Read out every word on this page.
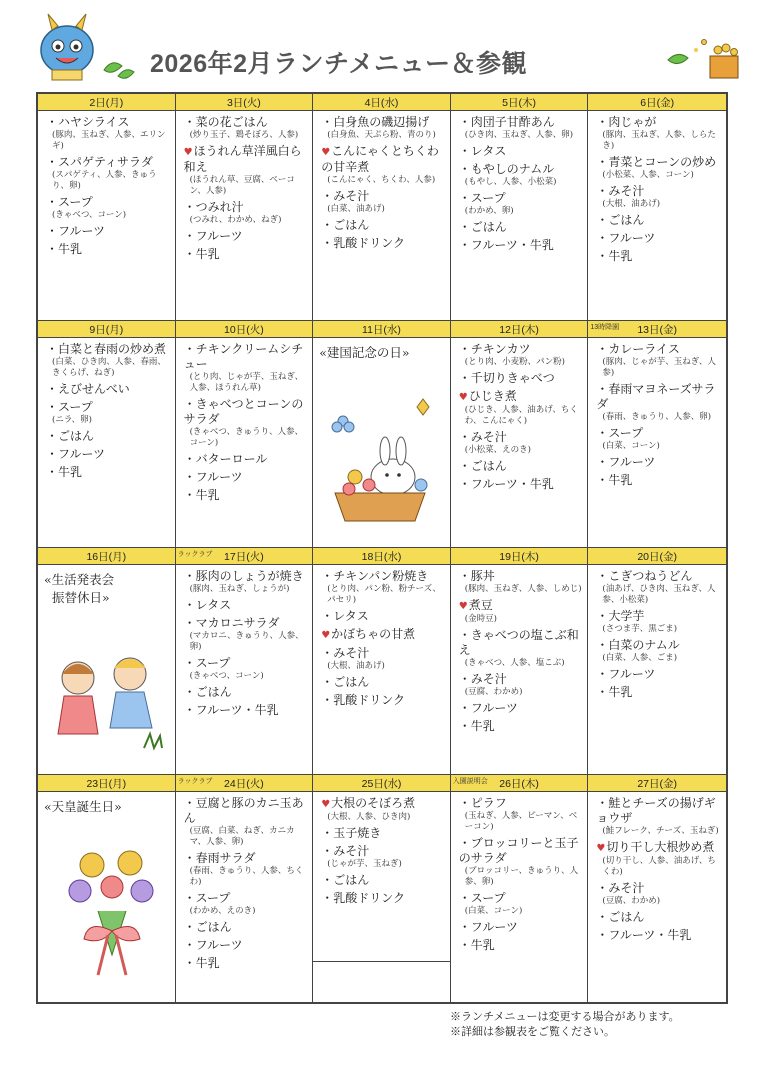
2026年2月ランチメニュー＆参観
2日(月)
・ハヤシライス
(豚肉、玉ねぎ、人参、エリンギ)
・スパゲティサラダ
(スパゲティ、人参、きゅうり、卵)
・スープ
(きゃべつ、コーン)
・フルーツ
・牛乳
3日(火)
・菜の花ごはん
(炒り玉子、鶏そぼろ、人参)
♥ ほうれん草洋風白ら和え
(ほうれん草、豆腐、ベーコン、人参)
・つみれ汁
(つみれ、わかめ、ねぎ)
・フルーツ
・牛乳
4日(水)
・白身魚の磯辺揚げ
(白身魚、天ぷら粉、青のり)
♥ こんにゃくとちくわの甘辛煮
(こんにゃく、ちくわ、人参)
・みそ汁
(白菜、油あげ)
・ごはん
・乳酸ドリンク
5日(木)
・肉団子甘酢あん
(ひき肉、玉ねぎ、人参、卵)
・レタス
・もやしのナムル
(もやし、人参、小松菜)
・スープ
(わかめ、卵)
・ごはん
・フルーツ・牛乳
6日(金)
・肉じゃが
(豚肉、玉ねぎ、人参、しらたき)
・青菜とコーンの炒め
(小松菜、人参、コーン)
・みそ汁
(大根、油あげ)
・ごはん
・フルーツ
・牛乳
9日(月)
・白菜と春雨の炒め煮
(白菜、ひき肉、人参、春雨、きくらげ、ねぎ)
・えびせんべい
・スープ
(ニラ、卵)
・ごはん
・フルーツ
・牛乳
10日(火)
・チキンクリームシチュー
(とり肉、じゃが芋、玉ねぎ、人参、ほうれん草)
・きゃべつとコーンのサラダ
(きゃべつ、きゅうり、人参、コーン)
・バターロール
・フルーツ
・牛乳
11日(水)
«建国記念の日»
12日(木)
・チキンカツ
(とり肉、小麦粉、パン粉)
・千切りきゃべつ
♥ ひじき煮
(ひじき、人参、油あげ、ちくわ、こんにゃく)
・みそ汁
(小松菜、えのき)
・ごはん
・フルーツ・牛乳
13時降園 13日(金)
・カレーライス
(豚肉、じゃが芋、玉ねぎ、人参)
・春雨マヨネーズサラダ
(春雨、きゅうり、人参、卵)
・スープ
(白菜、コーン)
・フルーツ
・牛乳
16日(月)
«生活発表会
振替休日»
ラックラブ 17日(火)
・豚肉のしょうが焼き
(豚肉、玉ねぎ、しょうが)
・レタス
・マカロニサラダ
(マカロニ、きゅうり、人参、卵)
・スープ
(きゃべつ、コーン)
・ごはん
・フルーツ・牛乳
18日(水)
・チキンパン粉焼き
(とり肉、パン粉、粉チーズ、パセリ)
・レタス
♥ かぼちゃの甘煮
・みそ汁
(大根、油あげ)
・ごはん
・乳酸ドリンク
19日(木)
・豚丼
(豚肉、玉ねぎ、人参、しめじ)
♥ 煮豆
(金時豆)
・きゃべつの塩こぶ和え
(きゃべつ、人参、塩こぶ)
・みそ汁
(豆腐、わかめ)
・フルーツ
・牛乳
20日(金)
・こぎつねうどん
(油あげ、ひき肉、玉ねぎ、人参、小松菜)
・大学芋
(さつま芋、黒ごま)
・白菜のナムル
(白菜、人参、ごま)
・フルーツ
・牛乳
23日(月)
«天皇誕生日»
ラックラブ 24日(火)
・豆腐と豚のカニ玉あん
(豆腐、白菜、ねぎ、カニカマ、人参、卵)
・春雨サラダ
(春雨、きゅうり、人参、ちくわ)
・スープ
(わかめ、えのき)
・ごはん
・フルーツ
・牛乳
25日(水)
♥ 大根のそぼろ煮
(大根、人参、ひき肉)
・玉子焼き
・みそ汁
(じゃが芋、玉ねぎ)
・ごはん
・乳酸ドリンク
入園説明会 26日(木)
・ピラフ
(玉ねぎ、人参、ピーマン、ベーコン)
・ブロッコリーと玉子のサラダ
(ブロッコリー、きゅうり、人参、卵)
・スープ
(白菜、コーン)
・フルーツ
・牛乳
27日(金)
・鮭とチーズの揚げギョウザ
(鮭フレーク、チーズ、玉ねぎ)
♥ 切り干し大根炒め煮
(切り干し、人参、油あげ、ちくわ)
・みそ汁
(豆腐、わかめ)
・ごはん
・フルーツ・牛乳
※ランチメニューは変更する場合があります。
※詳細は参観表をご覧ください。
